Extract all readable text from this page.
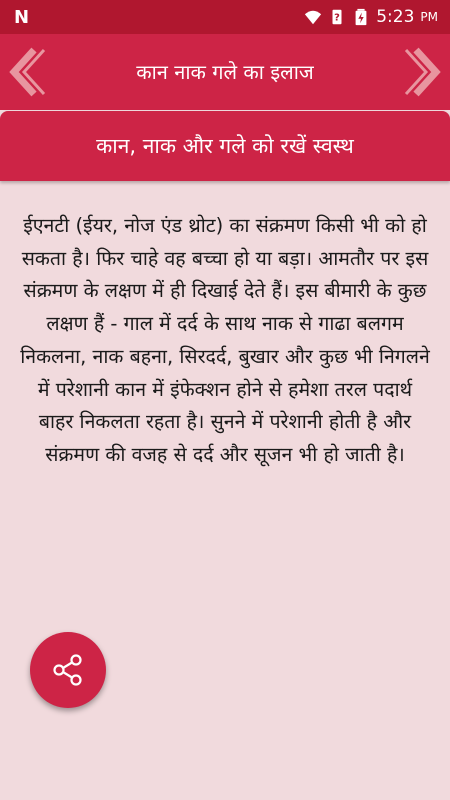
N	? 5:23 PM
कान नाक गले का इलाज
कान, नाक और गले को रखें स्वस्थ
ईएनटी (ईयर, नोज एंड थ्रोट) का संक्रमण किसी भी को हो सकता है। फिर चाहे वह बच्चा हो या बड़ा। आमतौर पर इस संक्रमण के लक्षण में ही दिखाई देते हैं। इस बीमारी के कुछ लक्षण हैं - गाल में दर्द के साथ नाक से गाढा बलगम निकलना, नाक बहना, सिरदर्द, बुखार और कुछ भी निगलने में परेशानी कान में इंफेक्शन होने से हमेशा तरल पदार्थ बाहर निकलता रहता है। सुनने में परेशानी होती है और संक्रमण की वजह से दर्द और सूजन भी हो जाती है।
